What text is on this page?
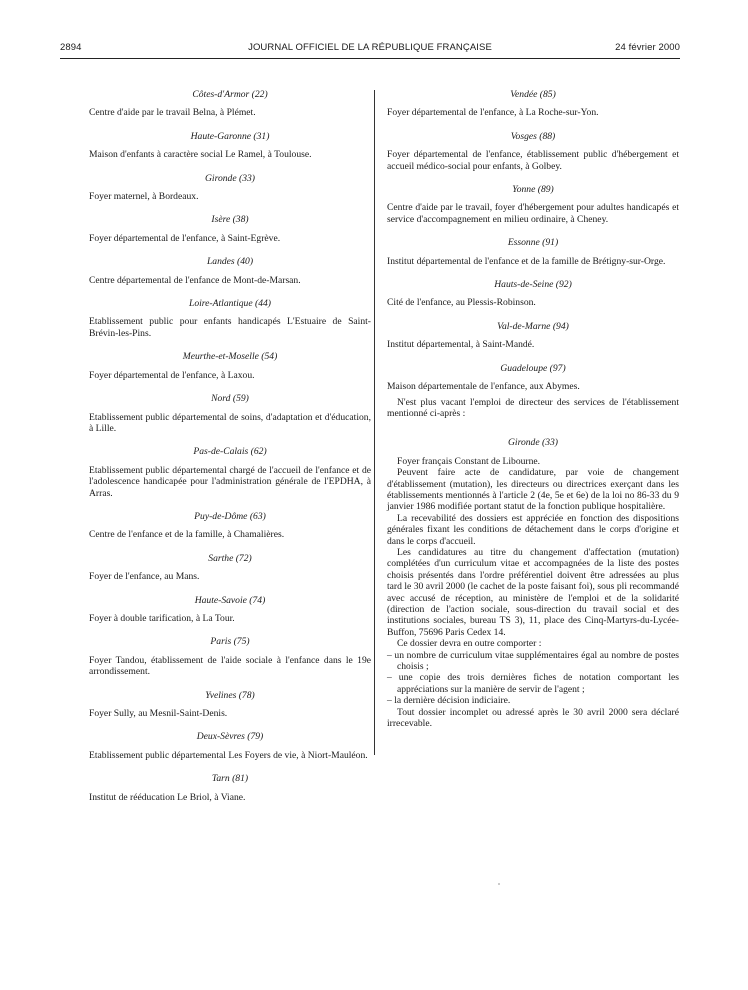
2894	JOURNAL OFFICIEL DE LA RÉPUBLIQUE FRANÇAISE	24 février 2000
Côtes-d'Armor (22)
Centre d'aide par le travail Belna, à Plémet.
Haute-Garonne (31)
Maison d'enfants à caractère social Le Ramel, à Toulouse.
Gironde (33)
Foyer maternel, à Bordeaux.
Isère (38)
Foyer départemental de l'enfance, à Saint-Egrève.
Landes (40)
Centre départemental de l'enfance de Mont-de-Marsan.
Loire-Atlantique (44)
Etablissement public pour enfants handicapés L'Estuaire de Saint-Brévin-les-Pins.
Meurthe-et-Moselle (54)
Foyer départemental de l'enfance, à Laxou.
Nord (59)
Etablissement public départemental de soins, d'adaptation et d'éducation, à Lille.
Pas-de-Calais (62)
Etablissement public départemental chargé de l'accueil de l'enfance et de l'adolescence handicapée pour l'administration générale de l'EPDHA, à Arras.
Puy-de-Dôme (63)
Centre de l'enfance et de la famille, à Chamalières.
Sarthe (72)
Foyer de l'enfance, au Mans.
Haute-Savoie (74)
Foyer à double tarification, à La Tour.
Paris (75)
Foyer Tandou, établissement de l'aide sociale à l'enfance dans le 19e arrondissement.
Yvelines (78)
Foyer Sully, au Mesnil-Saint-Denis.
Deux-Sèvres (79)
Etablissement public départemental Les Foyers de vie, à Niort-Mauléon.
Tarn (81)
Institut de rééducation Le Briol, à Viane.
Vendée (85)
Foyer départemental de l'enfance, à La Roche-sur-Yon.
Vosges (88)
Foyer départemental de l'enfance, établissement public d'hébergement et accueil médico-social pour enfants, à Golbey.
Yonne (89)
Centre d'aide par le travail, foyer d'hébergement pour adultes handicapés et service d'accompagnement en milieu ordinaire, à Cheney.
Essonne (91)
Institut départemental de l'enfance et de la famille de Brétigny-sur-Orge.
Hauts-de-Seine (92)
Cité de l'enfance, au Plessis-Robinson.
Val-de-Marne (94)
Institut départemental, à Saint-Mandé.
Guadeloupe (97)
Maison départementale de l'enfance, aux Abymes.
N'est plus vacant l'emploi de directeur des services de l'établissement mentionné ci-après :
Gironde (33)
Foyer français Constant de Libourne.
Peuvent faire acte de candidature, par voie de changement d'établissement (mutation), les directeurs ou directrices exerçant dans les établissements mentionnés à l'article 2 (4e, 5e et 6e) de la loi no 86-33 du 9 janvier 1986 modifiée portant statut de la fonction publique hospitalière.
La recevabilité des dossiers est appréciée en fonction des dispositions générales fixant les conditions de détachement dans le corps d'origine et dans le corps d'accueil.
Les candidatures au titre du changement d'affectation (mutation) complétées d'un curriculum vitae et accompagnées de la liste des postes choisis présentés dans l'ordre préférentiel doivent être adressées au plus tard le 30 avril 2000 (le cachet de la poste faisant foi), sous pli recommandé avec accusé de réception, au ministère de l'emploi et de la solidarité (direction de l'action sociale, sous-direction du travail social et des institutions sociales, bureau TS 3), 11, place des Cinq-Martyrs-du-Lycée-Buffon, 75696 Paris Cedex 14.
Ce dossier devra en outre comporter :
– un nombre de curriculum vitae supplémentaires égal au nombre de postes choisis ;
– une copie des trois dernières fiches de notation comportant les appréciations sur la manière de servir de l'agent ;
– la dernière décision indiciaire.
Tout dossier incomplet ou adressé après le 30 avril 2000 sera déclaré irrecevable.
